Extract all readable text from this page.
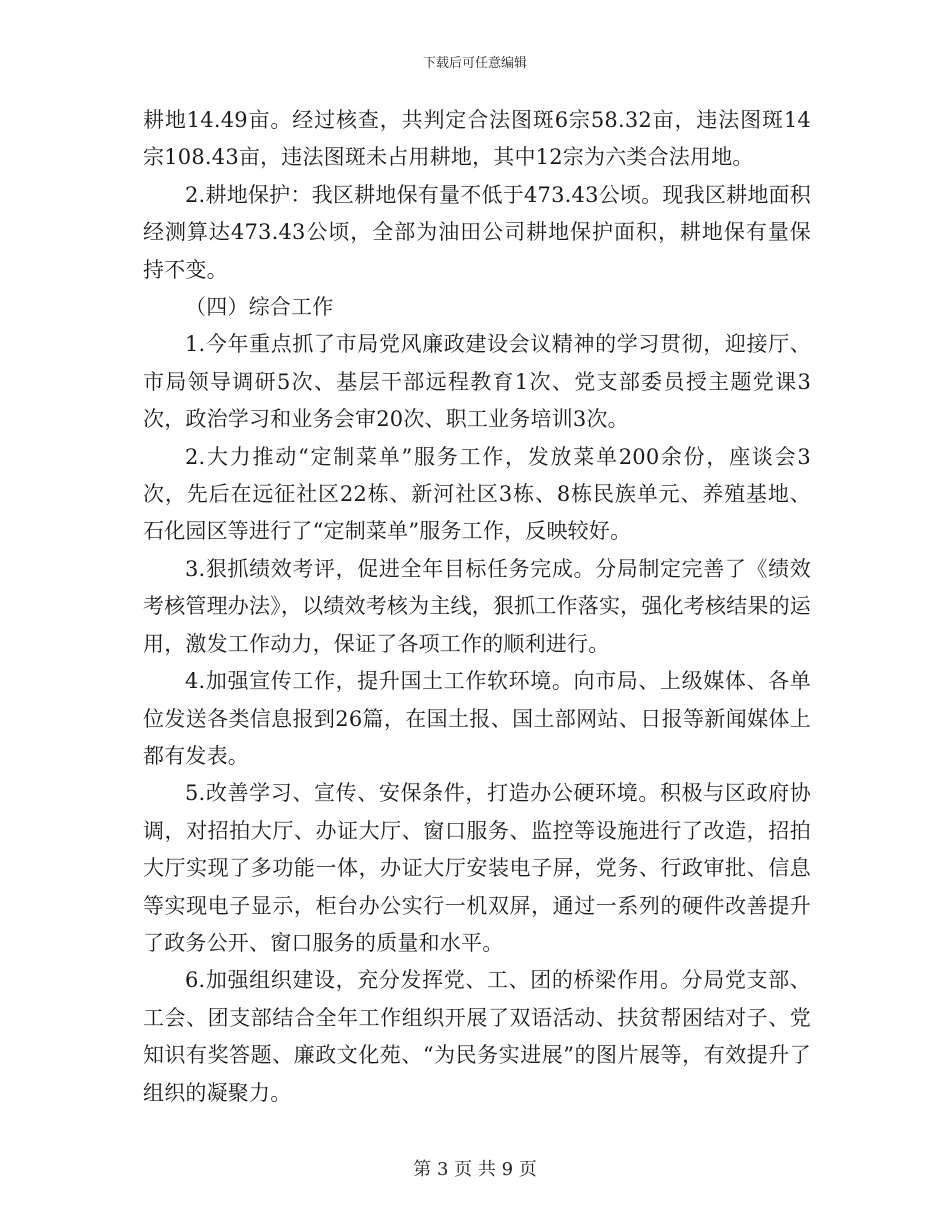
下载后可任意编辑

耕地14.49亩。经过核查，共判定合法图斑6宗58.32亩，违法图斑14宗108.43亩，违法图斑未占用耕地，其中12宗为六类合法用地。

2.耕地保护：我区耕地保有量不低于473.43公顷。现我区耕地面积经测算达473.43公顷，全部为油田公司耕地保护面积，耕地保有量保持不变。

（四）综合工作

1.今年重点抓了市局党风廉政建设会议精神的学习贯彻，迎接厅、市局领导调研5次、基层干部远程教育1次、党支部委员授主题党课3次，政治学习和业务会审20次、职工业务培训3次。

2.大力推动“定制菜单”服务工作，发放菜单200余份，座谈会3次，先后在远征社区22栋、新河社区3栋、8栋民族单元、养殖基地、石化园区等进行了“定制菜单”服务工作，反映较好。

3.狠抓绩效考评，促进全年目标任务完成。分局制定完善了《绩效考核管理办法》，以绩效考核为主线，狠抓工作落实，强化考核结果的运用，激发工作动力，保证了各项工作的顺利进行。

4.加强宣传工作，提升国土工作软环境。向市局、上级媒体、各单位发送各类信息报到26篇，在国土报、国土部网站、日报等新闻媒体上都有发表。

5.改善学习、宣传、安保条件，打造办公硬环境。积极与区政府协调，对招拍大厅、办证大厅、窗口服务、监控等设施进行了改造，招拍大厅实现了多功能一体，办证大厅安装电子屏，党务、行政审批、信息等实现电子显示，柜台办公实行一机双屏，通过一系列的硬件改善提升了政务公开、窗口服务的质量和水平。

6.加强组织建设，充分发挥党、工、团的桥梁作用。分局党支部、工会、团支部结合全年工作组织开展了双语活动、扶贫帮困结对子、党知识有奖答题、廉政文化苑、“为民务实进展”的图片展等，有效提升了组织的凝聚力。

第 3 页 共 9 页
